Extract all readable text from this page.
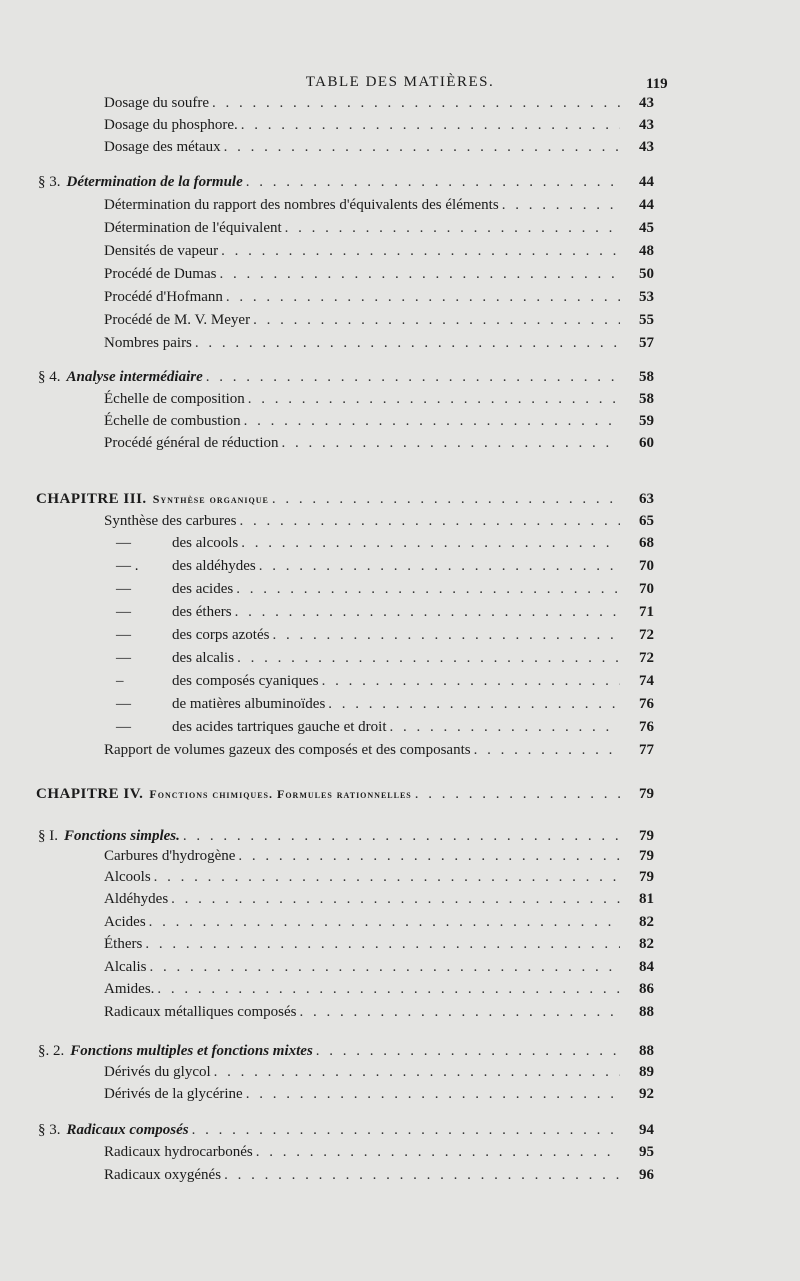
TABLE DES MATIÈRES.	119
Dosage du soufre . . .	43
Dosage du phosphore. . . .	43
Dosage des métaux . . .	43
§ 3. Détermination de la formule . . .	44
Détermination du rapport des nombres d'équivalents des éléments . . .	44
Détermination de l'équivalent . . .	45
Densités de vapeur . . .	48
Procédé de Dumas . . .	50
Procédé d'Hofmann . . .	53
Procédé de M. V. Meyer . . .	55
Nombres pairs . . .	57
§ 4. Analyse intermédiaire . . .	58
Échelle de composition . . .	58
Échelle de combustion . . .	59
Procédé général de réduction . . .	60
CHAPITRE III. Synthèse organique . . .	63
Synthèse des carbures . . .	65
—	des alcools . . .	68
— . des aldéhydes . . .	70
—	des acides . . .	70
—	des éthers . . .	71
—	des corps azotés . . .	72
—	des alcalis . . .	72
–	des composés cyaniques . . .	74
—	de matières albuminoïdes . . .	76
—	des acides tartriques gauche et droit . . .	76
Rapport de volumes gazeux des composés et des composants . . .	77
CHAPITRE IV. Fonctions chimiques. Formules rationnelles . . .	79
§ I. Fonctions simples. . . .	79
Carbures d'hydrogène . . .	79
Alcools . . .	79
Aldéhydes . . .	81
Acides . . .	82
Éthers . . .	82
Alcalis . . .	84
Amides. . . .	86
Radicaux métalliques composés . . .	88
§. 2. Fonctions multiples et fonctions mixtes . . .	88
Dérivés du glycol . . .	89
Dérivés de la glycérine . . .	92
§ 3. Radicaux composés . . .	94
Radicaux hydrocarbonés . . .	95
Radicaux oxygénés . . .	96
